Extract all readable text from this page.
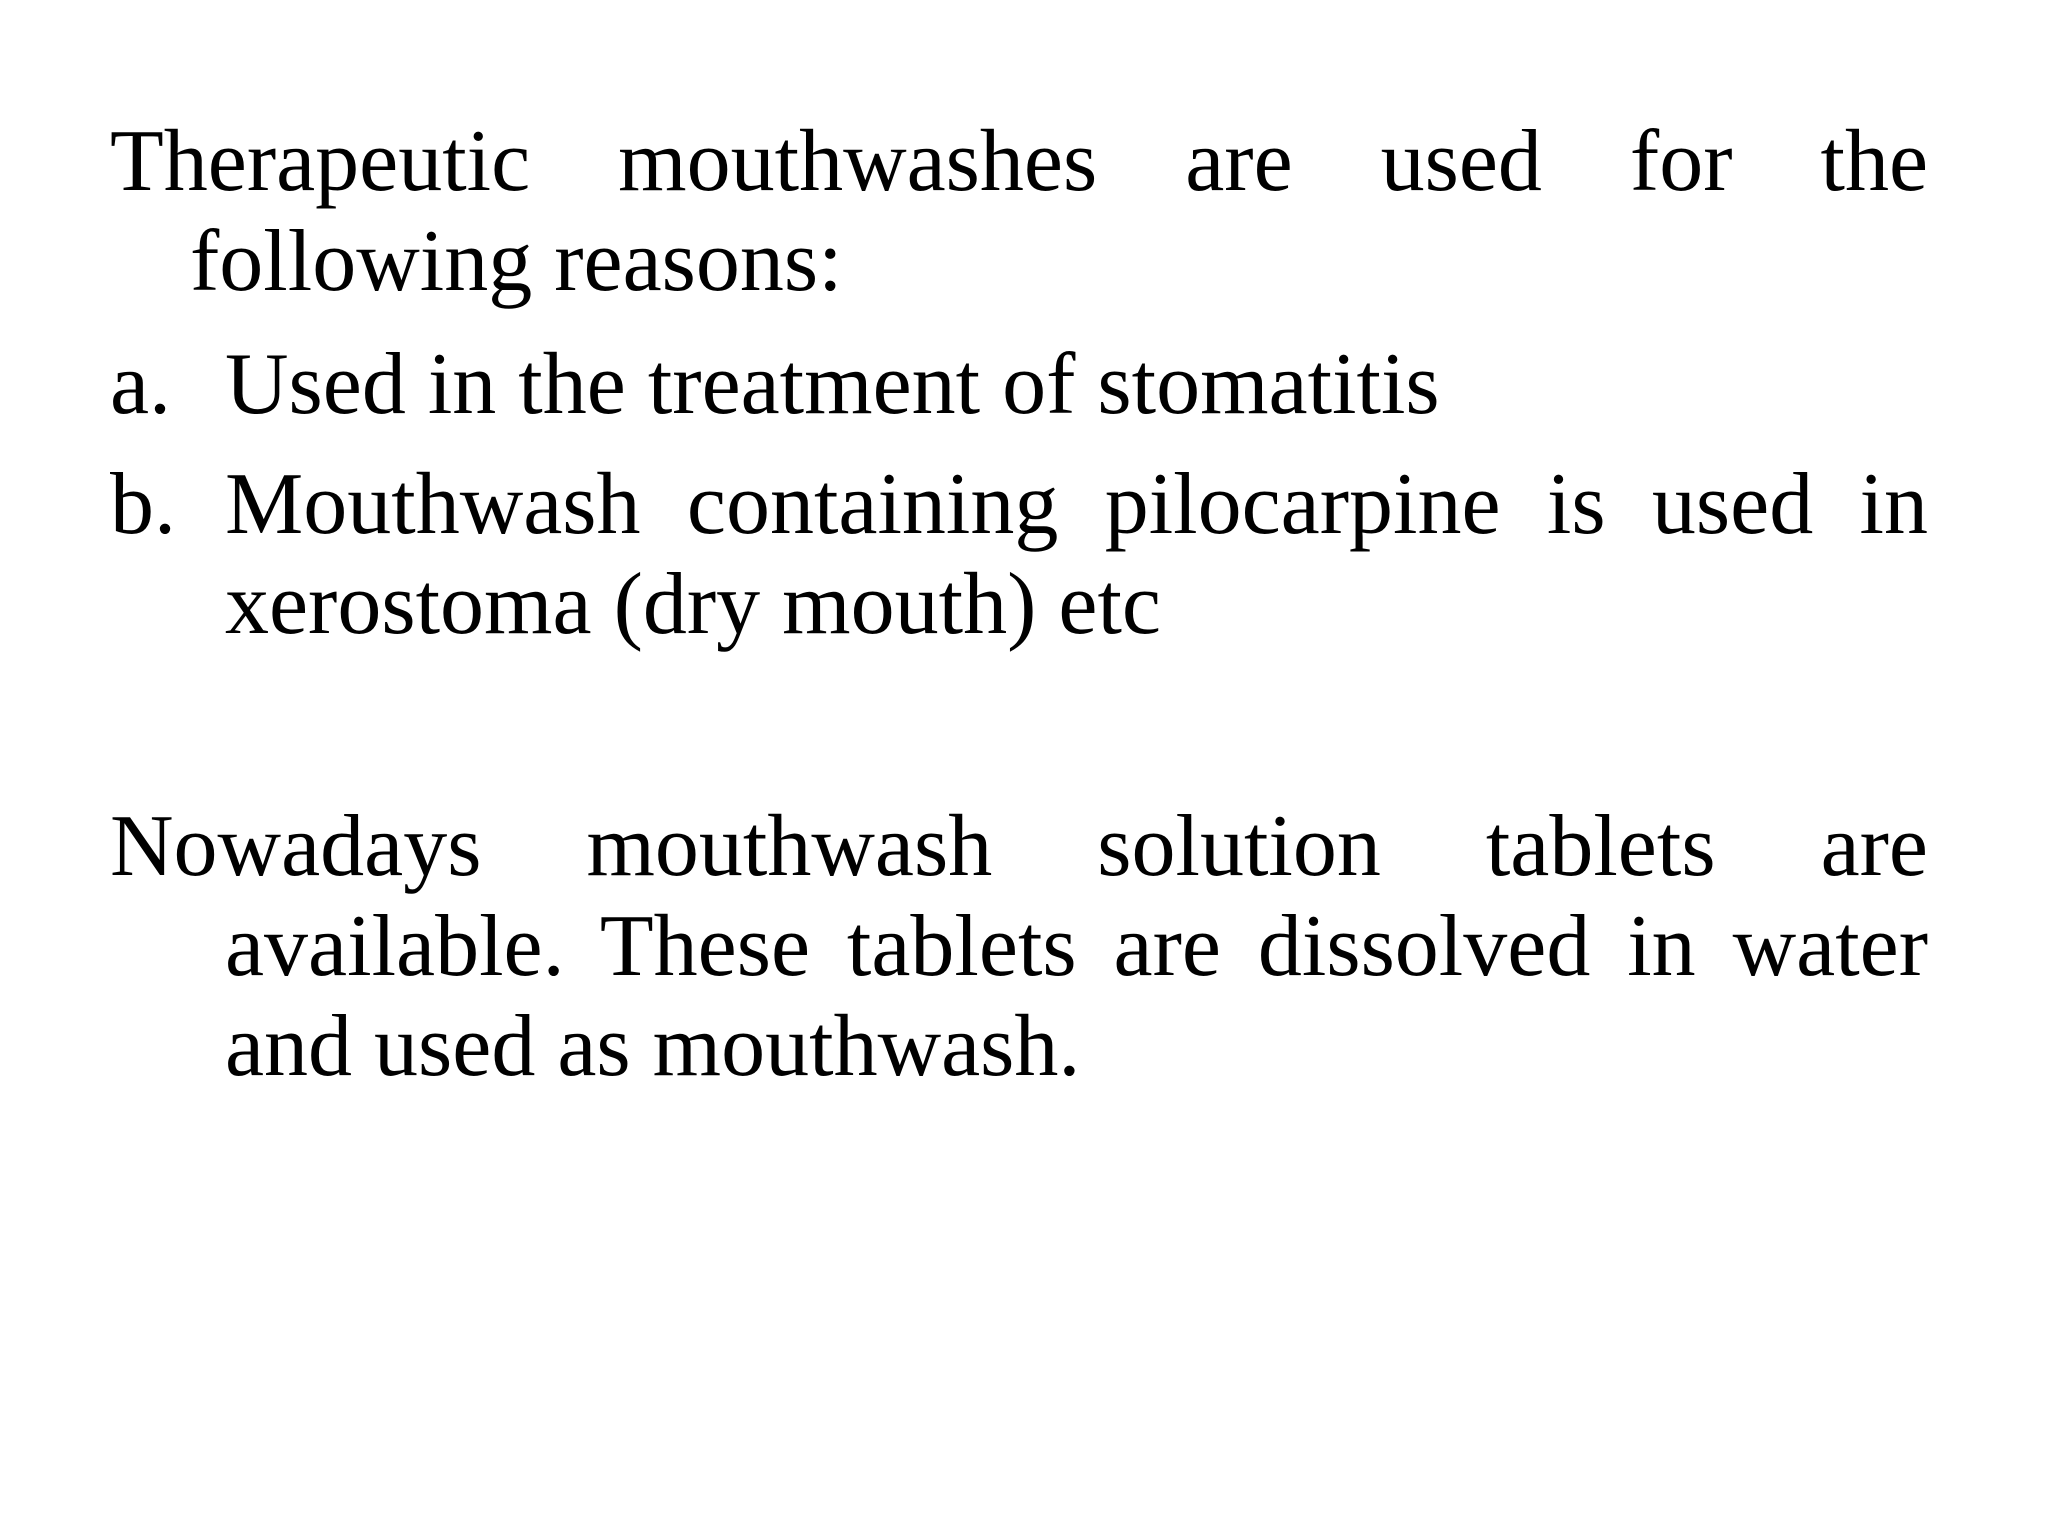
Therapeutic mouthwashes are used for the following reasons:
a. Used in the treatment of stomatitis
b. Mouthwash containing pilocarpine is used in xerostoma (dry mouth) etc
Nowadays mouthwash solution tablets are available. These tablets are dissolved in water and used as mouthwash.
